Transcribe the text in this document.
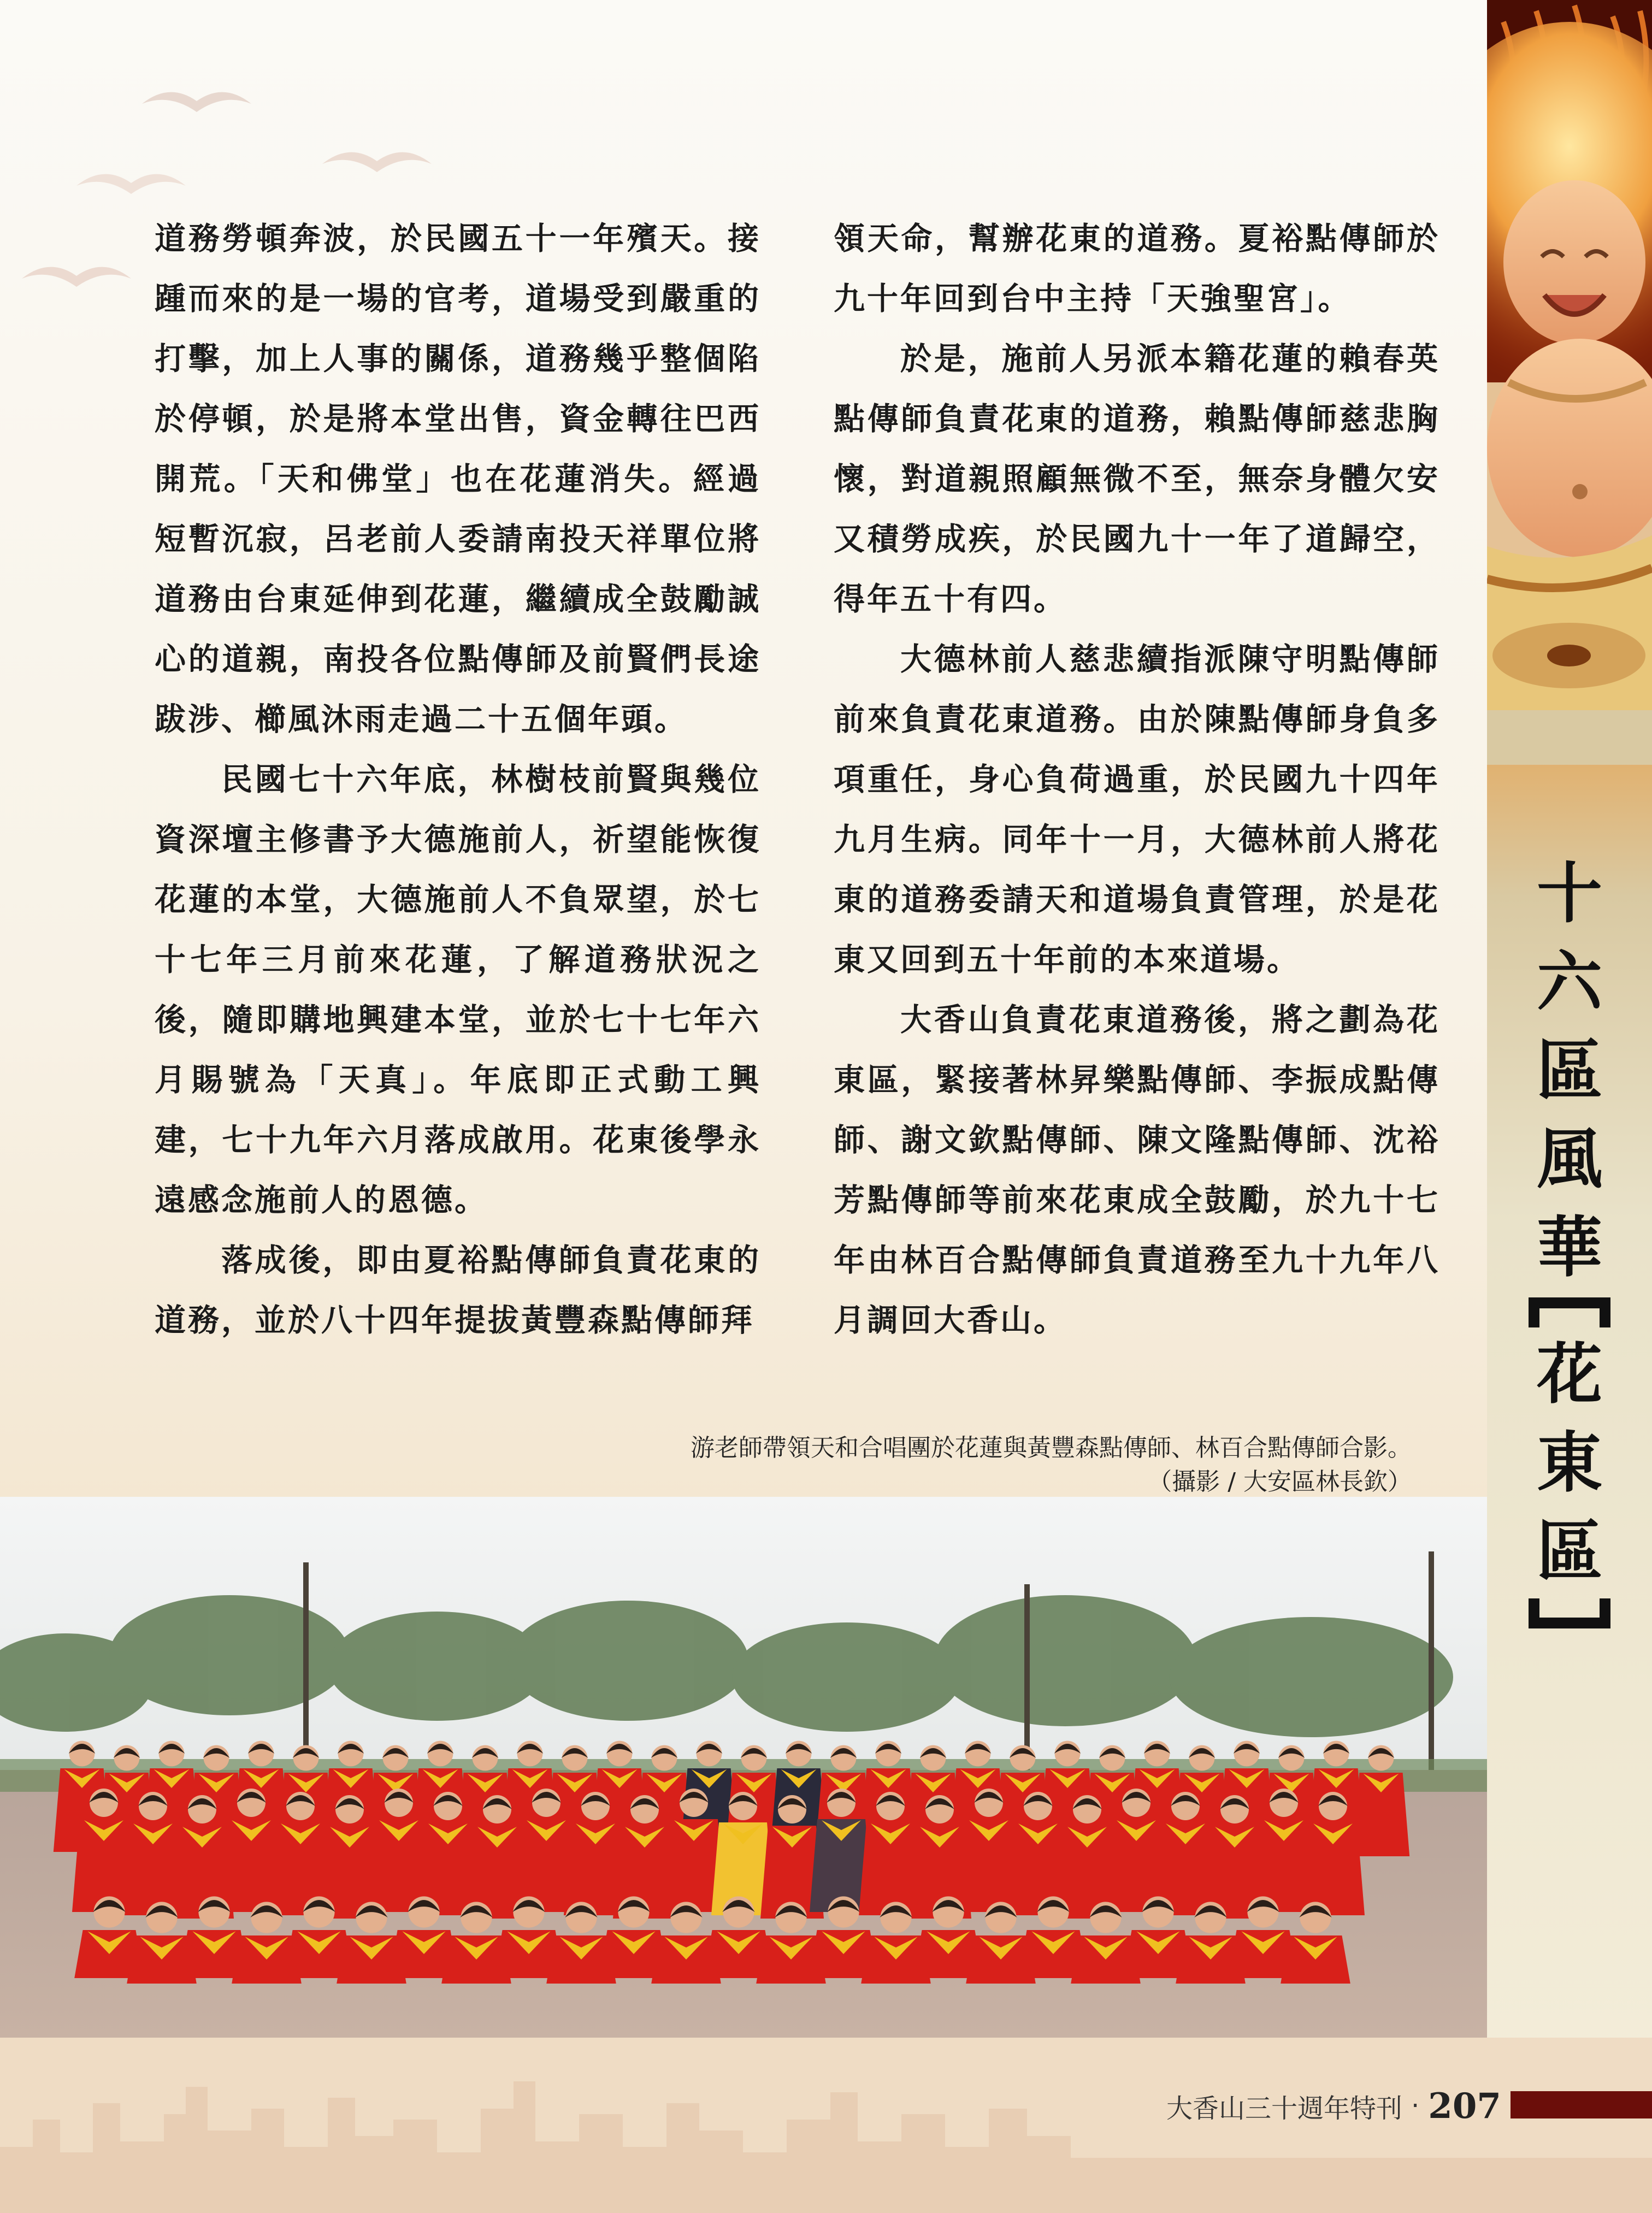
道務勞頓奔波，於民國五十一年殯天。接踵而來的是一場的官考，道場受到嚴重的打擊，加上人事的關係，道務幾乎整個陷於停頓，於是將本堂出售，資金轉往巴西開荒。「天和佛堂」也在花蓮消失。經過短暫沉寂，呂老前人委請南投天祥單位將道務由台東延伸到花蓮，繼續成全鼓勵誠心的道親，南投各位點傳師及前賢們長途跋涉、櫛風沐雨走過二十五個年頭。

民國七十六年底，林樹枝前賢與幾位資深壇主修書予大德施前人，祈望能恢復花蓮的本堂，大德施前人不負眾望，於七十七年三月前來花蓮，了解道務狀況之後，隨即購地興建本堂，並於七十七年六月賜號為「天真」。年底即正式動工興建，七十九年六月落成啟用。花東後學永遠感念施前人的恩德。

落成後，即由夏裕點傳師負責花東的道務，並於八十四年提拔黃豐森點傳師拜

領天命，幫辦花東的道務。夏裕點傳師於九十年回到台中主持「天強聖宮」。

於是，施前人另派本籍花蓮的賴春英點傳師負責花東的道務，賴點傳師慈悲胸懷，對道親照顧無微不至，無奈身體欠安又積勞成疾，於民國九十一年了道歸空，得年五十有四。

大德林前人慈悲續指派陳守明點傳師前來負責花東道務。由於陳點傳師身負多項重任，身心負荷過重，於民國九十四年九月生病。同年十一月，大德林前人將花東的道務委請天和道場負責管理，於是花東又回到五十年前的本來道場。

大香山負責花東道務後，將之劃為花東區，緊接著林昇樂點傳師、李振成點傳師、謝文欽點傳師、陳文隆點傳師、沈裕芳點傳師等前來花東成全鼓勵，於九十七年由林百合點傳師負責道務至九十九年八月調回大香山。

十
六
區
風
華
花
東
區
游老師帶領天和合唱團於花蓮與黃豐森點傳師、林百合點傳師合影。
（攝影 / 大安區林長欽）
大香山三十週年特刊 · 207
